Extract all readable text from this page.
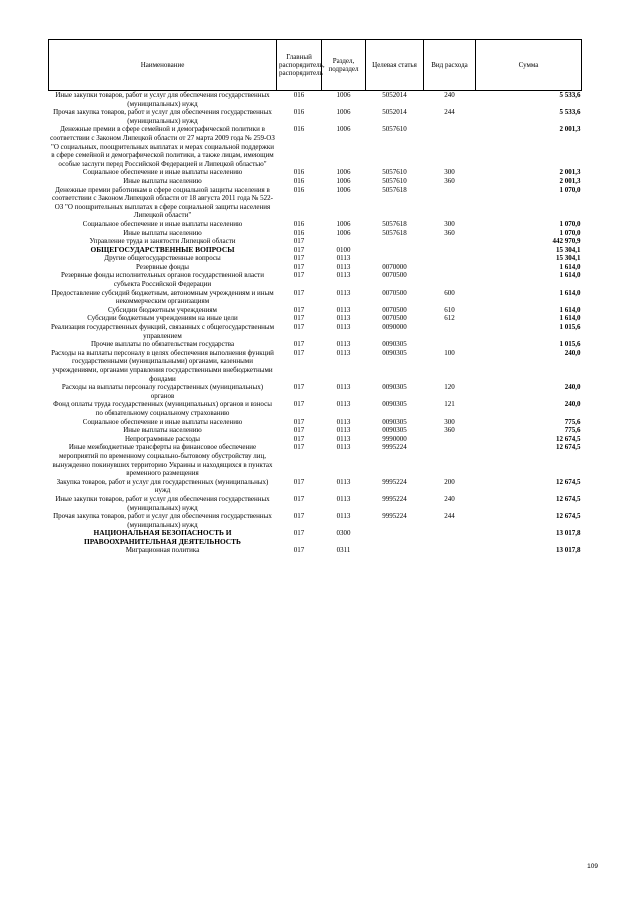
Наименование	Главный распорядитель, распорядитель	Раздел, подраздел	Целевая статья	Вид расхода	Сумма
Иные закупки товаров, работ и услуг для обеспечения государственных (муниципальных) нужд	016	1006	5052014	240	5 533,6
Прочая закупка товаров, работ и услуг для обеспечения государственных (муниципальных) нужд	016	1006	5052014	244	5 533,6
Денежные премии в сфере семейной и демографической политики в соответствии с Законом Липецкой области от 27 марта 2009 года № 259-ОЗ "О социальных, поощрительных выплатах и мерах социальной поддержки в сфере семейной и демографической политики, а также лицам, имеющим особые заслуги перед Российской Федерацией и Липецкой областью"	016	1006	5057610		2 001,3
Социальное обеспечение и иные выплаты населению	016	1006	5057610	300	2 001,3
Иные выплаты населению	016	1006	5057610	360	2 001,3
Денежные премии работникам в сфере социальной защиты населения в соответствии с Законом Липецкой области от 18 августа 2011 года № 522-ОЗ "О поощрительных выплатах в сфере социальной защиты населения Липецкой области"	016	1006	5057618		1 070,0
Социальное обеспечение и иные выплаты населению	016	1006	5057618	300	1 070,0
Иные выплаты населению	016	1006	5057618	360	1 070,0
Управление труда и занятости Липецкой области	017				442 970,9
ОБЩЕГОСУДАРСТВЕННЫЕ ВОПРОСЫ	017	0100			15 304,1
Другие общегосударственные вопросы	017	0113			15 304,1
Резервные фонды	017	0113	0070000		1 614,0
Резервные фонды исполнительных органов государственной власти субъекта Российской Федерации	017	0113	0070500		1 614,0
Предоставление субсидий бюджетным, автономным учреждениям и иным некоммерческим организациям	017	0113	0070500	600	1 614,0
Субсидии бюджетным учреждениям	017	0113	0070500	610	1 614,0
Субсидии бюджетным учреждениям на иные цели	017	0113	0070500	612	1 614,0
Реализация государственных функций, связанных с общегосударственным управлением	017	0113	0090000		1 015,6
Прочие выплаты по обязательствам государства	017	0113	0090305		1 015,6
Расходы на выплаты персоналу в целях обеспечения выполнения функций государственными (муниципальными) органами, казенными учреждениями, органами управления государственными внебюджетными фондами	017	0113	0090305	100	240,0
Расходы на выплаты персоналу государственных (муниципальных) органов	017	0113	0090305	120	240,0
Фонд оплаты труда государственных (муниципальных) органов и взносы по обязательному социальному страхованию	017	0113	0090305	121	240,0
Социальное обеспечение и иные выплаты населению	017	0113	0090305	300	775,6
Иные выплаты населению	017	0113	0090305	360	775,6
Непрограммные расходы	017	0113	9990000		12 674,5
Иные межбюджетные трансферты на финансовое обеспечение мероприятий по временному социально-бытовому обустройству лиц, вынужденно покинувших территорию Украины и находящихся в пунктах временного размещения	017	0113	9995224		12 674,5
Закупка товаров, работ и услуг для государственных (муниципальных) нужд	017	0113	9995224	200	12 674,5
Иные закупки товаров, работ и услуг для обеспечения государственных (муниципальных) нужд	017	0113	9995224	240	12 674,5
Прочая закупка товаров, работ и услуг для обеспечения государственных (муниципальных) нужд	017	0113	9995224	244	12 674,5
НАЦИОНАЛЬНАЯ БЕЗОПАСНОСТЬ И ПРАВООХРАНИТЕЛЬНАЯ ДЕЯТЕЛЬНОСТЬ	017	0300			13 017,8
Миграционная политика	017	0311			13 017,8
109
